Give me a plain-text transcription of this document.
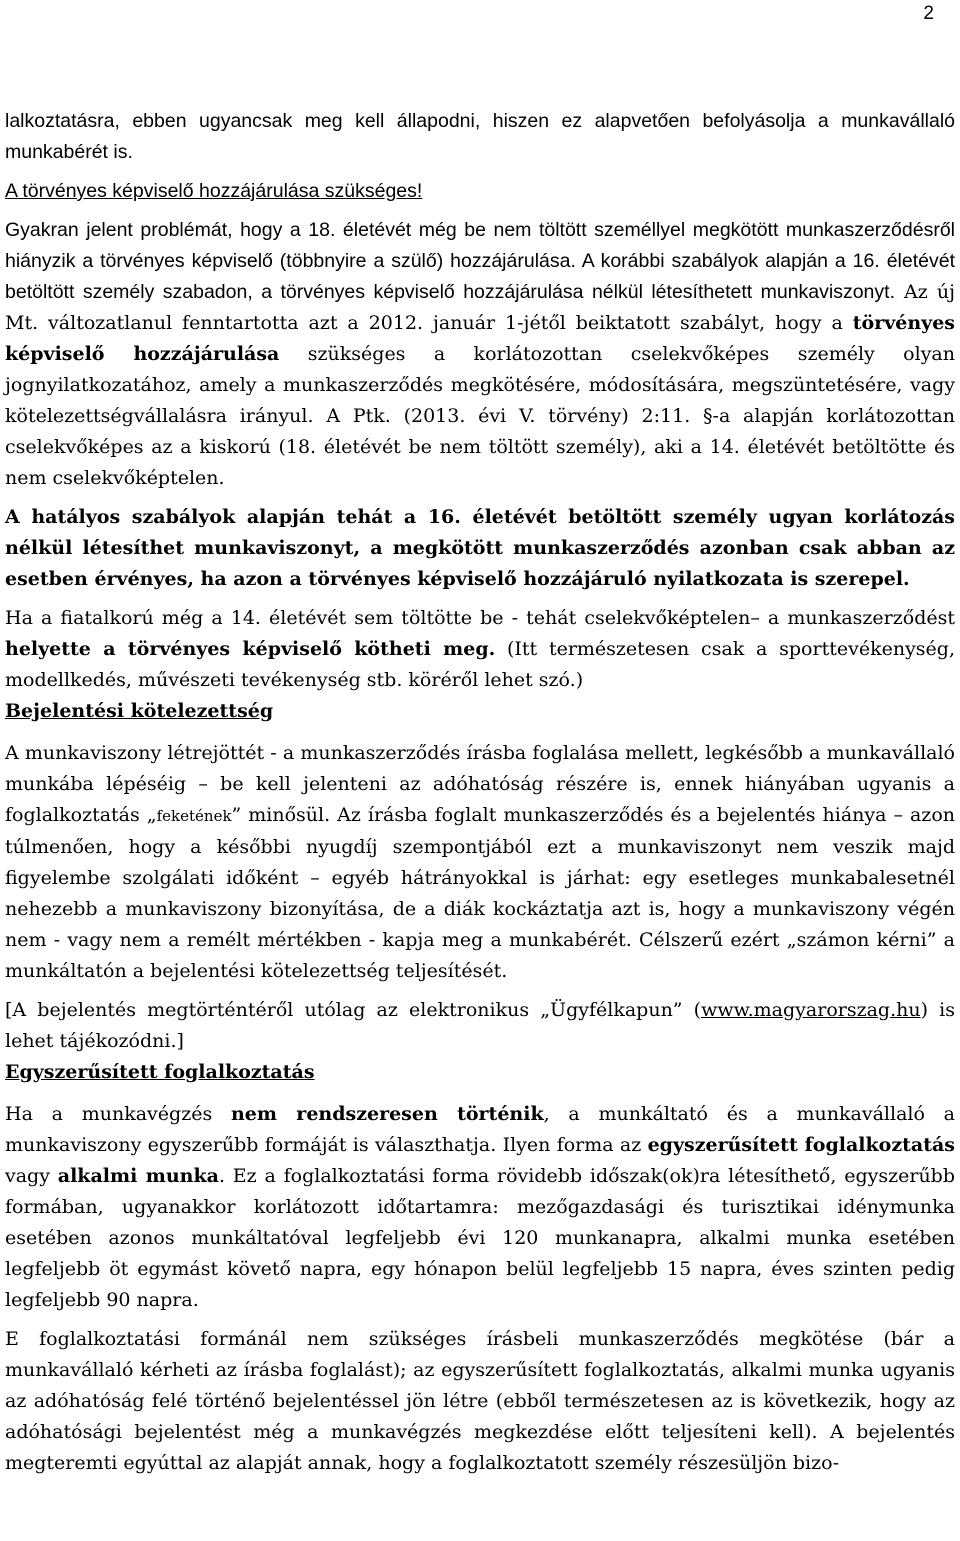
2

lalkoztatásra, ebben ugyancsak meg kell állapodni, hiszen ez alapvetően befolyásolja a munkavállaló munkabérét is.

A törvényes képviselő hozzájárulása szükséges!

Gyakran jelent problémát, hogy a 18. életévét még be nem töltött személlyel megkötött munkaszerződésről hiányzik a törvényes képviselő (többnyire a szülő) hozzájárulása. A korábbi szabályok alapján a 16. életévét betöltött személy szabadon, a törvényes képviselő hozzájárulása nélkül létesíthetett munkaviszonyt. Az új Mt. változatlanul fenntartotta azt a 2012. január 1-jétől beiktatott szabályt, hogy a törvényes képviselő hozzájárulása szükséges a korlátozottan cselekvőképes személy olyan jognyilatkozatához, amely a munkaszerződés megkötésére, módosítására, megszüntetésére, vagy kötelezettségvállalásra irányul. A Ptk. (2013. évi V. törvény) 2:11. §-a alapján korlátozottan cselekvőképes az a kiskorú (18. életévét be nem töltött személy), aki a 14. életévét betöltötte és nem cselekvőképtelen.

A hatályos szabályok alapján tehát a 16. életévét betöltött személy ugyan korlátozás nélkül létesíthet munkaviszonyt, a megkötött munkaszerződés azonban csak abban az esetben érvényes, ha azon a törvényes képviselő hozzájáruló nyilatkozata is szerepel.

Ha a fiatalkorú még a 14. életévét sem töltötte be - tehát cselekvőképtelen– a munkaszerződést helyette a törvényes képviselő kötheti meg. (Itt természetesen csak a sporttevékenység, modellkedés, művészeti tevékenység stb. köréről lehet szó.)

Bejelentési kötelezettség

A munkaviszony létrejöttét - a munkaszerződés írásba foglalása mellett, legkésőbb a munkavállaló munkába lépéséig – be kell jelenteni az adóhatóság részére is, ennek hiányában ugyanis a foglalkoztatás „feketének” minősül. Az írásba foglalt munkaszerződés és a bejelentés hiánya – azon túlmenően, hogy a későbbi nyugdíj szempontjából ezt a munkaviszonyt nem veszik majd figyelembe szolgálati időként – egyéb hátrányokkal is járhat: egy esetleges munkabalesetnél nehezebb a munkaviszony bizonyítása, de a diák kockáztatja azt is, hogy a munkaviszony végén nem - vagy nem a remélt mértékben - kapja meg a munkabérét. Célszerű ezért „számon kérni” a munkáltatón a bejelentési kötelezettség teljesítését.

[A bejelentés megtörténtéről utólag az elektronikus „Ügyfélkapun” (www.magyarorszag.hu) is lehet tájékozódni.]

Egyszerűsített foglalkoztatás

Ha a munkavégzés nem rendszeresen történik, a munkáltató és a munkavállaló a munkaviszony egyszerűbb formáját is választhatja. Ilyen forma az egyszerűsített foglalkoztatás vagy alkalmi munka. Ez a foglalkoztatási forma rövidebb időszak(ok)ra létesíthető, egyszerűbb formában, ugyanakkor korlátozott időtartamra: mezőgazdasági és turisztikai idénymunka esetében azonos munkáltatóval legfeljebb évi 120 munkanapra, alkalmi munka esetében legfeljebb öt egymást követő napra, egy hónapon belül legfeljebb 15 napra, éves szinten pedig legfeljebb 90 napra.

E foglalkoztatási formánál nem szükséges írásbeli munkaszerződés megkötése (bár a munkavállaló kérheti az írásba foglalást); az egyszerűsített foglalkoztatás, alkalmi munka ugyanis az adóhatóság felé történő bejelentéssel jön létre (ebből természetesen az is következik, hogy az adóhatósági bejelentést még a munkavégzés megkezdése előtt teljesíteni kell). A bejelentés megteremti egyúttal az alapját annak, hogy a foglalkoztatott személy részesüljön bizo-
